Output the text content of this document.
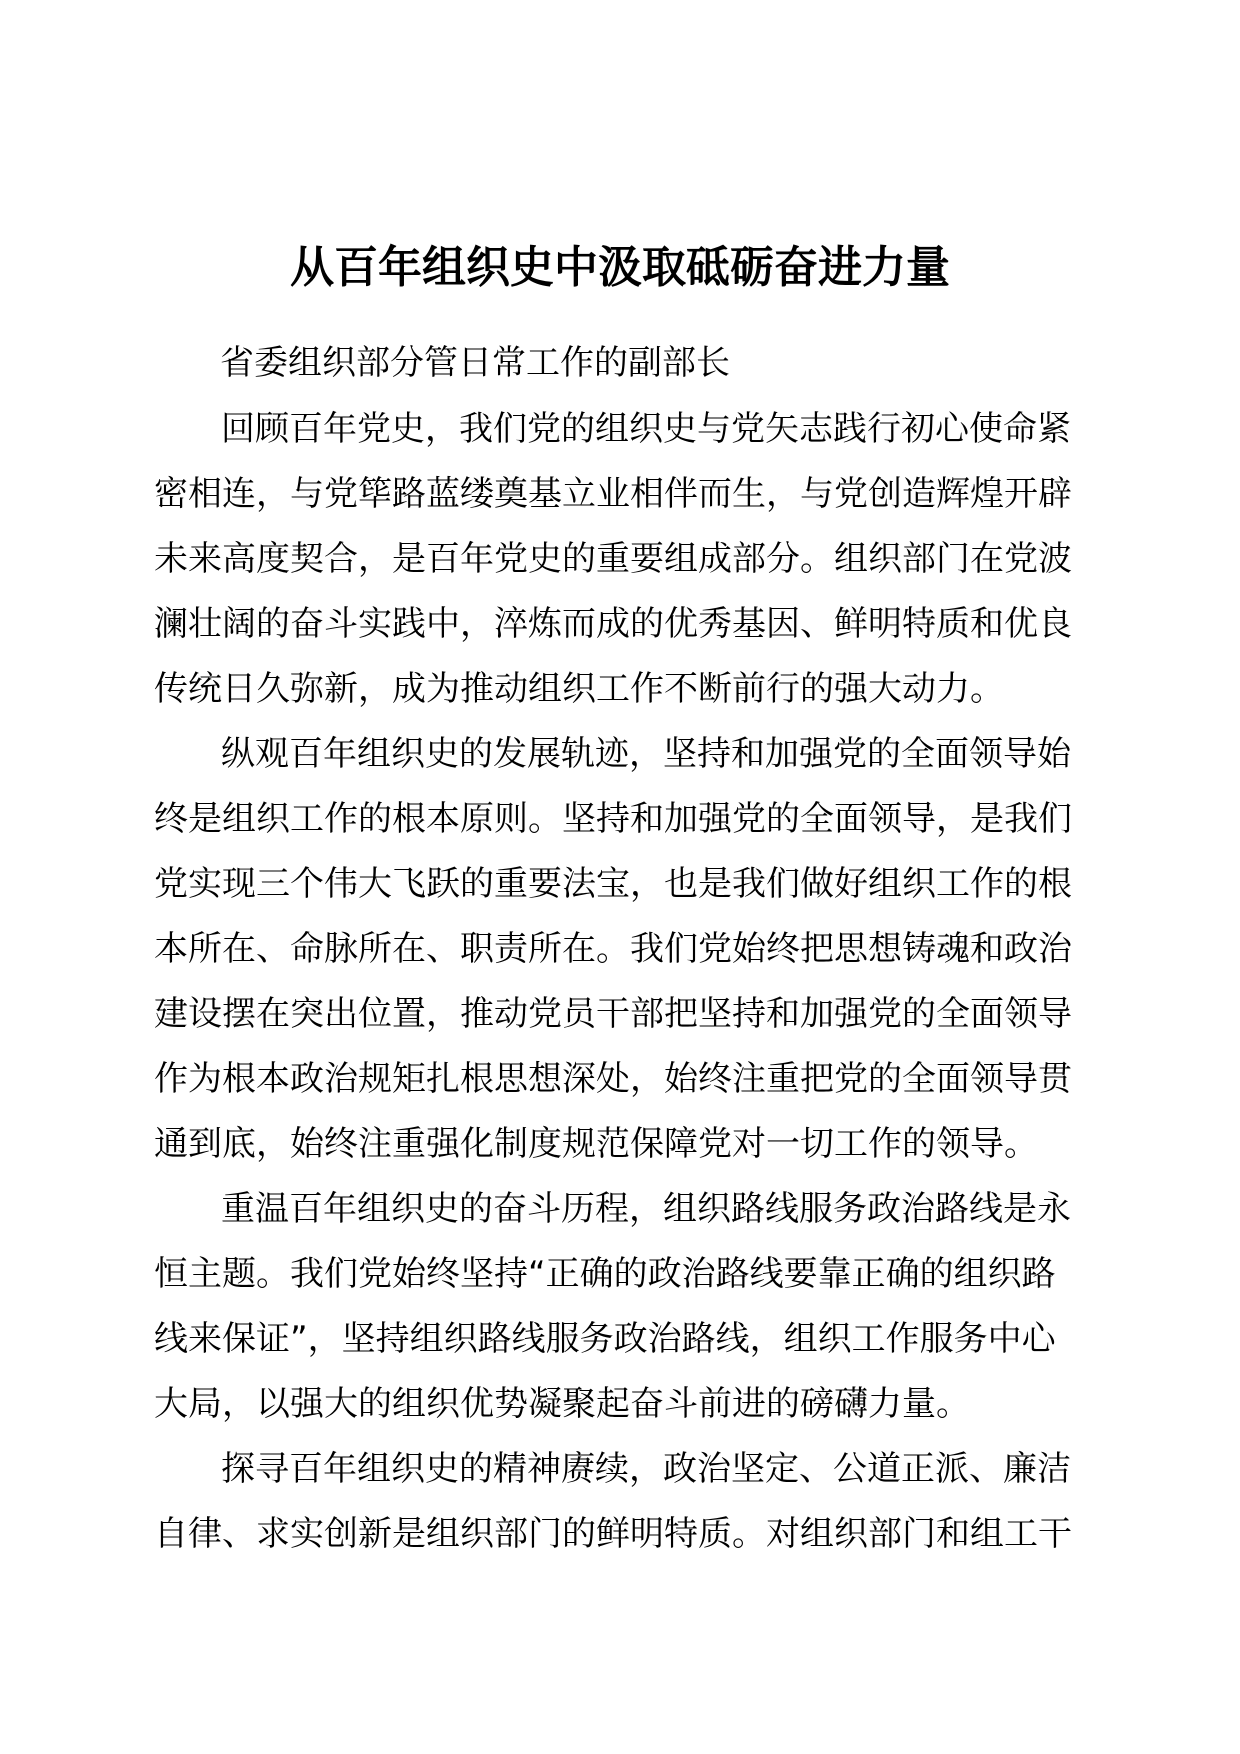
从百年组织史中汲取砥砺奋进力量

省委组织部分管日常工作的副部长

回顾百年党史，我们党的组织史与党矢志践行初心使命紧
密相连，与党筚路蓝缕奠基立业相伴而生，与党创造辉煌开辟
未来高度契合，是百年党史的重要组成部分。组织部门在党波
澜壮阔的奋斗实践中，淬炼而成的优秀基因、鲜明特质和优良
传统日久弥新，成为推动组织工作不断前行的强大动力。
纵观百年组织史的发展轨迹，坚持和加强党的全面领导始
终是组织工作的根本原则。坚持和加强党的全面领导，是我们
党实现三个伟大飞跃的重要法宝，也是我们做好组织工作的根
本所在、命脉所在、职责所在。我们党始终把思想铸魂和政治
建设摆在突出位置，推动党员干部把坚持和加强党的全面领导
作为根本政治规矩扎根思想深处，始终注重把党的全面领导贯
通到底，始终注重强化制度规范保障党对一切工作的领导。
重温百年组织史的奋斗历程，组织路线服务政治路线是永
恒主题。我们党始终坚持“正确的政治路线要靠正确的组织路
线来保证”，坚持组织路线服务政治路线，组织工作服务中心
大局，以强大的组织优势凝聚起奋斗前进的磅礴力量。
探寻百年组织史的精神赓续，政治坚定、公道正派、廉洁
自律、求实创新是组织部门的鲜明特质。对组织部门和组工干
